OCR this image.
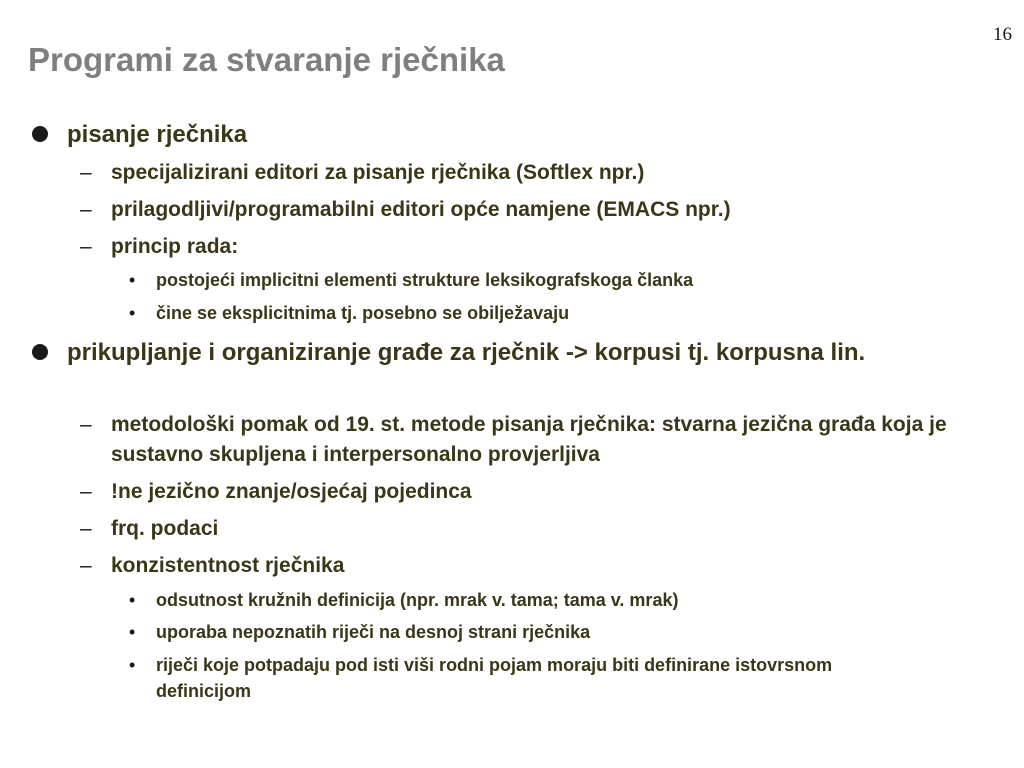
16
Programi za stvaranje rječnika
pisanje rječnika
– specijalizirani editori za pisanje rječnika (Softlex npr.)
– prilagodljivi/programabilni editori opće namjene (EMACS npr.)
– princip rada:
• postojeći implicitni elementi strukture leksikografskoga članka
• čine se eksplicitnima tj. posebno se obilježavaju
prikupljanje i organiziranje građe za rječnik -> korpusi tj. korpusna lin.
– metodološki pomak od 19. st. metode pisanja rječnika: stvarna jezična građa koja je sustavno skupljena i interpersonalno provjerljiva
– !ne jezično znanje/osjećaj pojedinca
– frq. podaci
– konzistentnost rječnika
• odsutnost kružnih definicija (npr. mrak v. tama; tama v. mrak)
• uporaba nepoznatih riječi na desnoj strani rječnika
• riječi koje potpadaju pod isti viši rodni pojam moraju biti definirane istovrsnom definicijom
